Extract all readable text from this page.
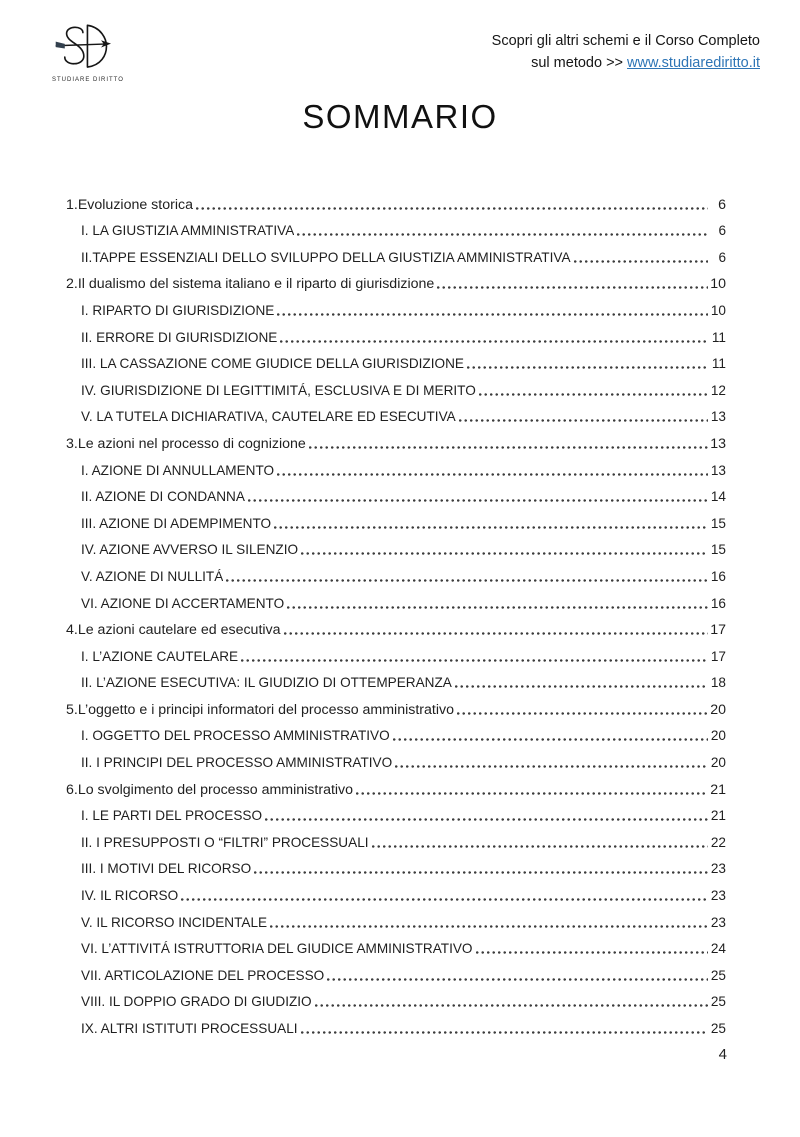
STUDIARE DIRITTO
Scopri gli altri schemi e il Corso Completo
sul metodo >> www.studiarediritto.it
SOMMARIO
1.Evoluzione storica	6
I. LA GIUSTIZIA AMMINISTRATIVA	6
II.TAPPE ESSENZIALI DELLO SVILUPPO DELLA GIUSTIZIA AMMINISTRATIVA	6
2.Il dualismo del sistema italiano e il riparto di giurisdizione	10
I. RIPARTO DI GIURISDIZIONE	10
II. ERRORE DI GIURISDIZIONE	11
III. LA CASSAZIONE COME GIUDICE DELLA GIURISDIZIONE	11
IV. GIURISDIZIONE DI LEGITTIMITÁ, ESCLUSIVA E DI MERITO	12
V. LA TUTELA DICHIARATIVA, CAUTELARE ED ESECUTIVA	13
3.Le azioni nel processo di cognizione	13
I. AZIONE DI ANNULLAMENTO	13
II. AZIONE DI CONDANNA	14
III. AZIONE DI ADEMPIMENTO	15
IV. AZIONE AVVERSO IL SILENZIO	15
V. AZIONE DI NULLITÁ	16
VI. AZIONE DI ACCERTAMENTO	16
4.Le azioni cautelare ed esecutiva	17
I. L’AZIONE CAUTELARE	17
II. L’AZIONE ESECUTIVA: IL GIUDIZIO DI OTTEMPERANZA	18
5.L’oggetto e i principi informatori del processo amministrativo	20
I. OGGETTO DEL PROCESSO AMMINISTRATIVO	20
II. I PRINCIPI DEL PROCESSO AMMINISTRATIVO	20
6.Lo svolgimento del processo amministrativo	21
I. LE PARTI DEL PROCESSO	21
II. I PRESUPPOSTI O “FILTRI” PROCESSUALI	22
III. I MOTIVI DEL RICORSO	23
IV. IL RICORSO	23
V. IL RICORSO INCIDENTALE	23
VI. L’ATTIVITÁ ISTRUTTORIA DEL GIUDICE AMMINISTRATIVO	24
VII. ARTICOLAZIONE DEL PROCESSO	25
VIII. IL DOPPIO GRADO DI GIUDIZIO	25
IX. ALTRI ISTITUTI PROCESSUALI	25
4
